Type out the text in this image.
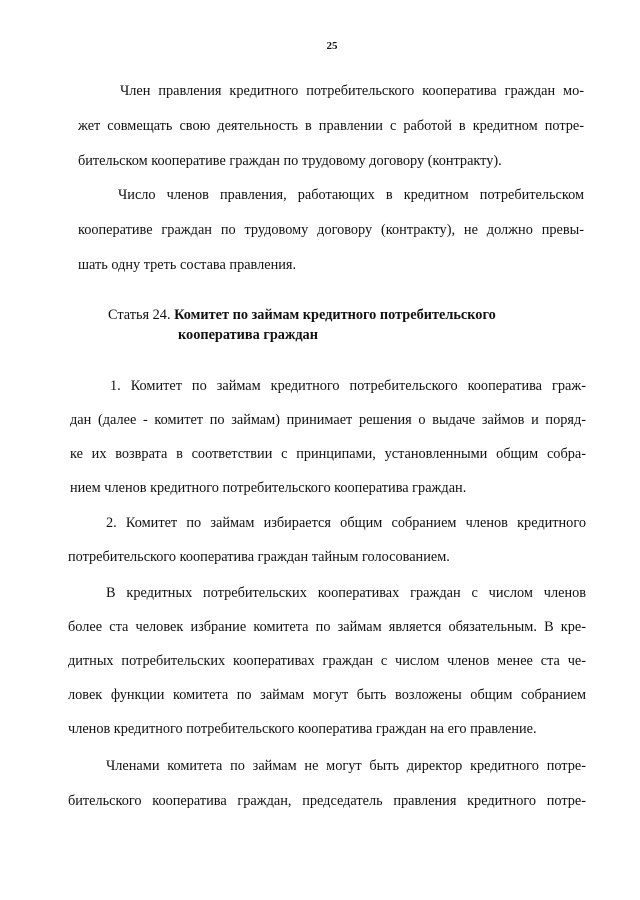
25
Член правления кредитного потребительского кооператива граждан мо-
жет совмещать свою деятельность в правлении с работой в кредитном потре-
бительском кооперативе граждан по трудовому договору (контракту).
Число членов правления, работающих в кредитном потребительском
кооперативе граждан по трудовому договору (контракту), не должно превы-
шать одну треть состава правления.
Статья 24. Комитет по займам кредитного потребительского
кооператива граждан
1. Комитет по займам кредитного потребительского кооператива граж-
дан (далее - комитет по займам) принимает решения о выдаче займов и поряд-
ке их возврата в соответствии с принципами, установленными общим собра-
нием членов кредитного потребительского кооператива граждан.
2. Комитет по займам избирается общим собранием членов кредитного
потребительского кооператива граждан тайным голосованием.
В кредитных потребительских кооперативах граждан с числом членов
более ста человек избрание комитета по займам является обязательным. В кре-
дитных потребительских кооперативах граждан с числом членов менее ста че-
ловек функции комитета по займам могут быть возложены общим собранием
членов кредитного потребительского кооператива граждан на его правление.
Членами комитета по займам не могут быть директор кредитного потре-
бительского кооператива граждан, председатель правления кредитного потре-
